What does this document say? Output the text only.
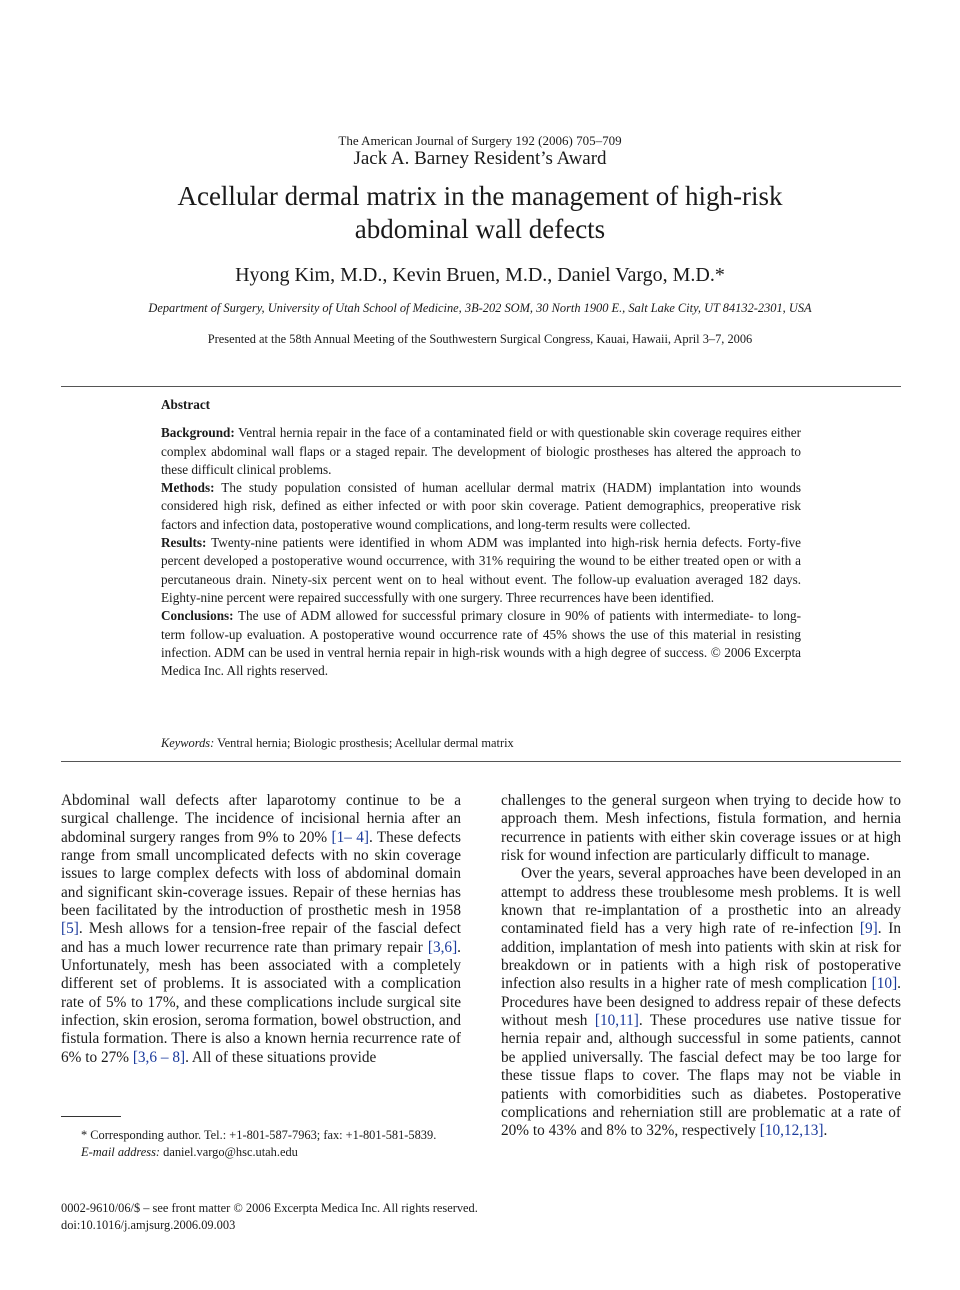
The American Journal of Surgery 192 (2006) 705–709
Jack A. Barney Resident’s Award
Acellular dermal matrix in the management of high-risk
abdominal wall defects
Hyong Kim, M.D., Kevin Bruen, M.D., Daniel Vargo, M.D.*
Department of Surgery, University of Utah School of Medicine, 3B-202 SOM, 30 North 1900 E., Salt Lake City, UT 84132-2301, USA
Presented at the 58th Annual Meeting of the Southwestern Surgical Congress, Kauai, Hawaii, April 3–7, 2006
Abstract

Background: Ventral hernia repair in the face of a contaminated field or with questionable skin coverage requires either complex abdominal wall flaps or a staged repair. The development of biologic prostheses has altered the approach to these difficult clinical problems.

Methods: The study population consisted of human acellular dermal matrix (HADM) implantation into wounds considered high risk, defined as either infected or with poor skin coverage. Patient demographics, preoperative risk factors and infection data, postoperative wound complications, and long-term results were collected.

Results: Twenty-nine patients were identified in whom ADM was implanted into high-risk hernia defects. Forty-five percent developed a postoperative wound occurrence, with 31% requiring the wound to be either treated open or with a percutaneous drain. Ninety-six percent went on to heal without event. The follow-up evaluation averaged 182 days. Eighty-nine percent were repaired successfully with one surgery. Three recurrences have been identified.

Conclusions: The use of ADM allowed for successful primary closure in 90% of patients with intermediate- to long-term follow-up evaluation. A postoperative wound occurrence rate of 45% shows the use of this material in resisting infection. ADM can be used in ventral hernia repair in high-risk wounds with a high degree of success. © 2006 Excerpta Medica Inc. All rights reserved.

Keywords: Ventral hernia; Biologic prosthesis; Acellular dermal matrix

Abdominal wall defects after laparotomy continue to be a surgical challenge. The incidence of incisional hernia after an abdominal surgery ranges from 9% to 20% [1– 4]. These defects range from small uncomplicated defects with no skin coverage issues to large complex defects with loss of abdominal domain and significant skin-coverage issues. Repair of these hernias has been facilitated by the introduction of prosthetic mesh in 1958 [5]. Mesh allows for a tension-free repair of the fascial defect and has a much lower recurrence rate than primary repair [3,6]. Unfortunately, mesh has been associated with a completely different set of problems. It is associated with a complication rate of 5% to 17%, and these complications include surgical site infection, skin erosion, seroma formation, bowel obstruction, and fistula formation. There is also a known hernia recurrence rate of 6% to 27% [3,6 – 8]. All of these situations provide

challenges to the general surgeon when trying to decide how to approach them. Mesh infections, fistula formation, and hernia recurrence in patients with either skin coverage issues or at high risk for wound infection are particularly difficult to manage.

Over the years, several approaches have been developed in an attempt to address these troublesome mesh problems. It is well known that re-implantation of a prosthetic into an already contaminated field has a very high rate of re-infection [9]. In addition, implantation of mesh into patients with skin at risk for breakdown or in patients with a high risk of postoperative infection also results in a higher rate of mesh complication [10]. Procedures have been designed to address repair of these defects without mesh [10,11]. These procedures use native tissue for hernia repair and, although successful in some patients, cannot be applied universally. The fascial defect may be too large for these tissue flaps to cover. The flaps may not be viable in patients with comorbidities such as diabetes. Postoperative complications and reherniation still are problematic at a rate of 20% to 43% and 8% to 32%, respectively [10,12,13].

* Corresponding author. Tel.: +1-801-587-7963; fax: +1-801-581-5839.

E-mail address: daniel.vargo@hsc.utah.edu

0002-9610/06/$ – see front matter © 2006 Excerpta Medica Inc. All rights reserved.
doi:10.1016/j.amjsurg.2006.09.003
